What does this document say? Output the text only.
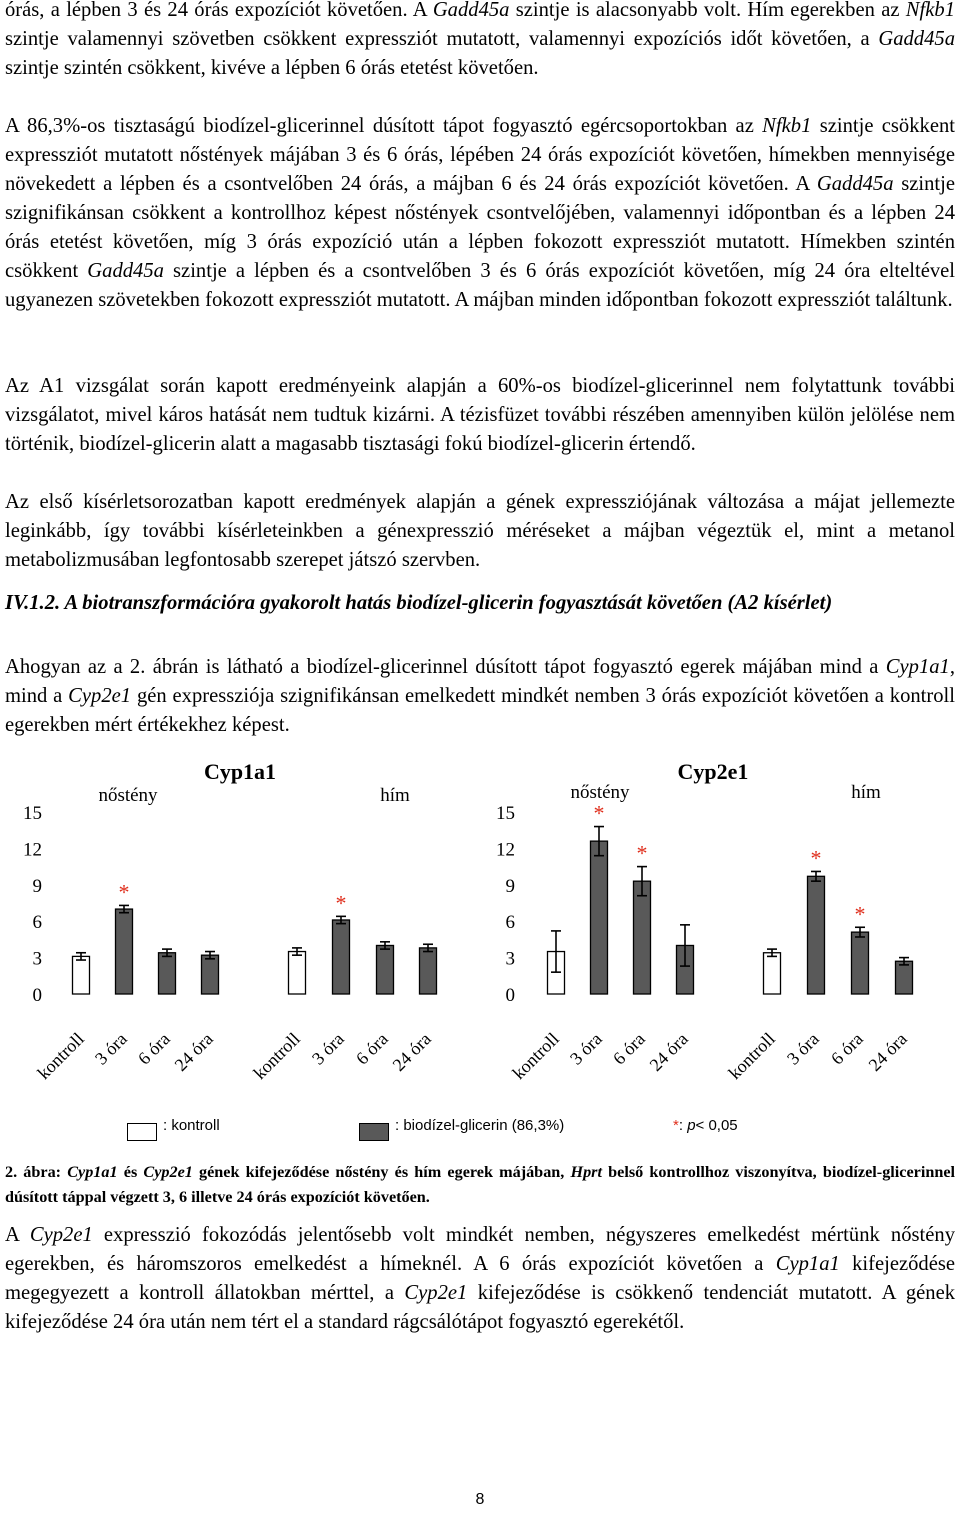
órás, a lépben 3 és 24 órás expozíciót követően. A Gadd45a szintje is alacsonyabb volt. Hím egerekben az Nfkb1 szintje valamennyi szövetben csökkent expressziót mutatott, valamennyi expozíciós időt követően, a Gadd45a szintje szintén csökkent, kivéve a lépben 6 órás etetést követően.

A 86,3%-os tisztaságú biodízel-glicerinnel dúsított tápot fogyasztó egércsoportokban az Nfkb1 szintje csökkent expressziót mutatott nőstények májában 3 és 6 órás, lépében 24 órás expozíciót követően, hímekben mennyisége növekedett a lépben és a csontvelőben 24 órás, a májban 6 és 24 órás expozíciót követően. A Gadd45a szintje szignifikánsan csökkent a kontrollhoz képest nőstények csontvelőjében, valamennyi időpontban és a lépben 24 órás etetést követően, míg 3 órás expozíció után a lépben fokozott expressziót mutatott. Hímekben szintén csökkent Gadd45a szintje a lépben és a csontvelőben 3 és 6 órás expozíciót követően, míg 24 óra elteltével ugyanezen szövetekben fokozott expressziót mutatott. A májban minden időpontban fokozott expressziót találtunk.

Az A1 vizsgálat során kapott eredményeink alapján a 60%-os biodízel-glicerinnel nem folytattunk további vizsgálatot, mivel káros hatását nem tudtuk kizárni. A tézisfüzet további részében amennyiben külön jelölése nem történik, biodízel-glicerin alatt a magasabb tisztasági fokú biodízel-glicerin értendő.

Az első kísérletsorozatban kapott eredmények alapján a gének expressziójának változása a májat jellemezte leginkább, így további kísérleteinkben a génexpresszió méréseket a májban végeztük el, mint a metanol metabolizmusában legfontosabb szerepet játszó szervben.

IV.1.2. A biotranszformációra gyakorolt hatás biodízel-glicerin fogyasztását követően (A2 kísérlet)

Ahogyan az a 2. ábrán is látható a biodízel-glicerinnel dúsított tápot fogyasztó egerek májában mind a Cyp1a1, mind a Cyp2e1 gén expressziója szignifikánsan emelkedett mindkét nemben 3 órás expozíciót követően a kontroll egerekben mért értékekhez képest.

Cyp1a1
0
3
6
9
12
15
nőstény	hím
kontroll
*
3 óra 6 óra
24 óra kontroll
*
3 óra 6 óra
24 óra
Cyp2e1
0
3
6
9
12
15
nőstény	hím
kontroll
*
3 óra
*
6 óra
24 óra kontroll
*
3 óra
*
6 óra
24 óra
: kontroll	: biodízel-glicerin (86,3%)	*: p< 0,05
2. ábra: Cyp1a1 és Cyp2e1 gének kifejeződése nőstény és hím egerek májában, Hprt belső kontrollhoz viszonyítva, biodízel-glicerinnel dúsított táppal végzett 3, 6 illetve 24 órás expozíciót követően.

A Cyp2e1 expresszió fokozódás jelentősebb volt mindkét nemben, négyszeres emelkedést mértünk nőstény egerekben, és háromszoros emelkedést a hímeknél. A 6 órás expozíciót követően a Cyp1a1 kifejeződése megegyezett a kontroll állatokban mérttel, a Cyp2e1 kifejeződése is csökkenő tendenciát mutatott. A gének kifejeződése 24 óra után nem tért el a standard rágcsálótápot fogyasztó egerekétől.

8
